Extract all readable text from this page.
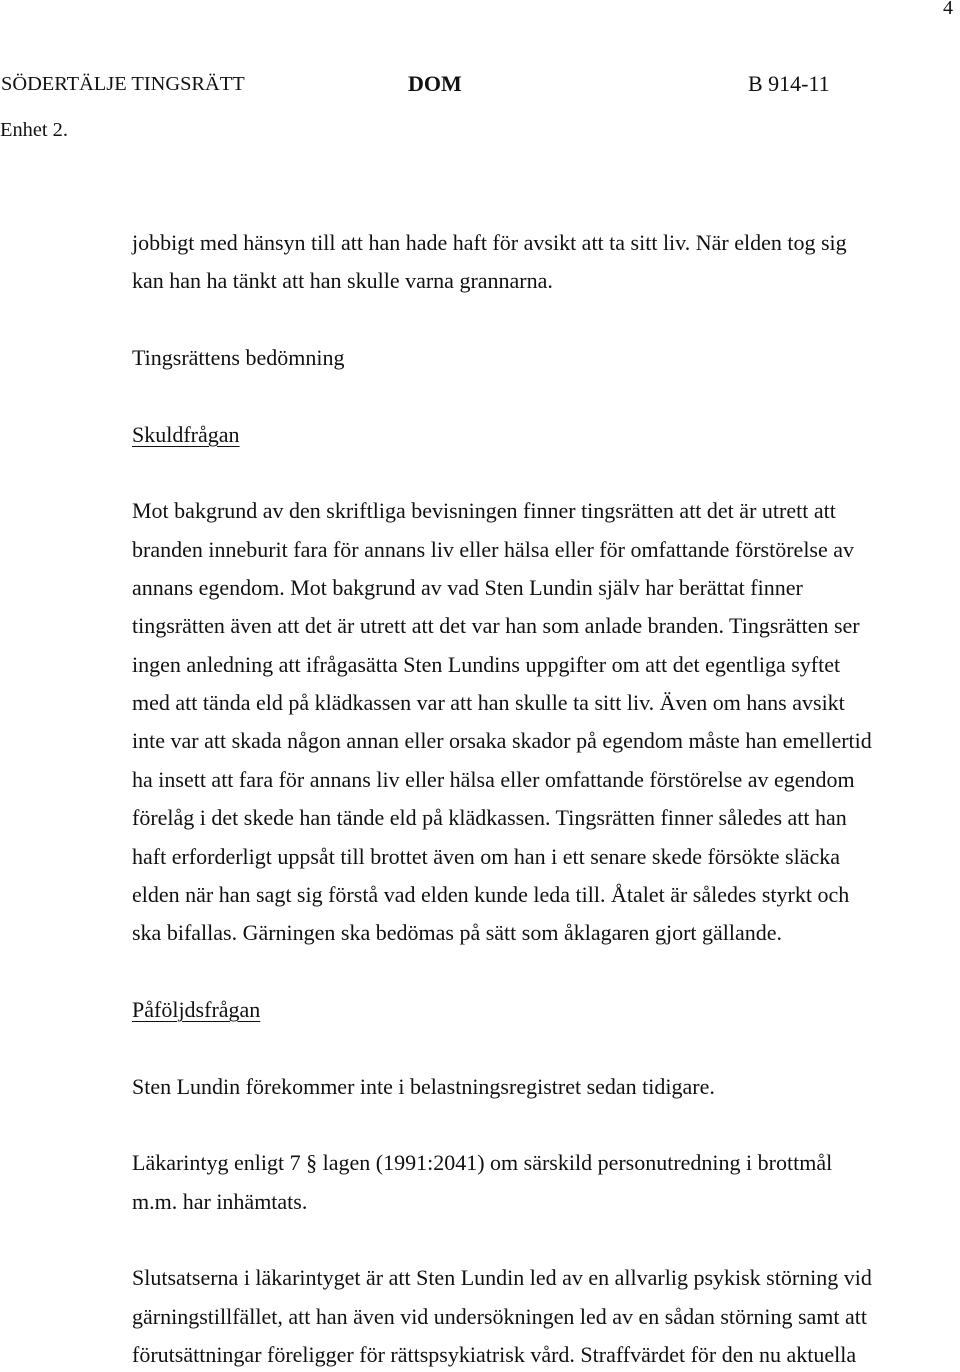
4
SÖDERTÄLJE TINGSRÄTT	DOM	B 914-11
Enhet 2.
jobbigt med hänsyn till att han hade haft för avsikt att ta sitt liv. När elden tog sig
kan han ha tänkt att han skulle varna grannarna.
Tingsrättens bedömning
Skuldfrågan
Mot bakgrund av den skriftliga bevisningen finner tingsrätten att det är utrett att
branden inneburit fara för annans liv eller hälsa eller för omfattande förstörelse av
annans egendom. Mot bakgrund av vad Sten Lundin själv har berättat finner
tingsrätten även att det är utrett att det var han som anlade branden. Tingsrätten ser
ingen anledning att ifrågasätta Sten Lundins uppgifter om att det egentliga syftet
med att tända eld på klädkassen var att han skulle ta sitt liv. Även om hans avsikt
inte var att skada någon annan eller orsaka skador på egendom måste han emellertid
ha insett att fara för annans liv eller hälsa eller omfattande förstörelse av egendom
förelåg i det skede han tände eld på klädkassen. Tingsrätten finner således att han
haft erforderligt uppsåt till brottet även om han i ett senare skede försökte släcka
elden när han sagt sig förstå vad elden kunde leda till. Åtalet är således styrkt och
ska bifallas. Gärningen ska bedömas på sätt som åklagaren gjort gällande.
Påföljdsfrågan
Sten Lundin förekommer inte i belastningsregistret sedan tidigare.
Läkarintyg enligt 7 § lagen (1991:2041) om särskild personutredning i brottmål
m.m. har inhämtats.
Slutsatserna i läkarintyget är att Sten Lundin led av en allvarlig psykisk störning vid
gärningstillfället, att han även vid undersökningen led av en sådan störning samt att
förutsättningar föreligger för rättspsykiatrisk vård. Straffvärdet för den nu aktuella
